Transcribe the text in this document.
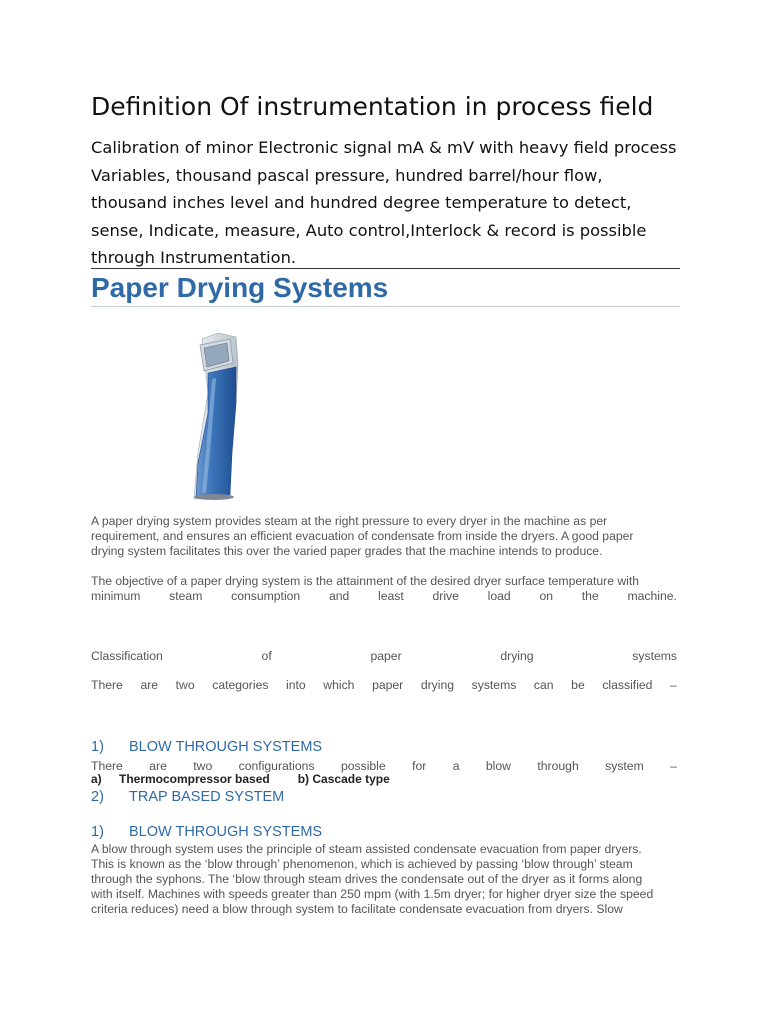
Definition Of instrumentation in process field
Calibration of minor Electronic signal mA & mV with heavy field process
Variables, thousand pascal pressure, hundred barrel/hour flow,
thousand inches level and hundred degree temperature to detect,
sense, Indicate, measure, Auto control,Interlock & record is possible
through Instrumentation.
Paper Drying Systems
A paper drying system provides steam at the right pressure to every dryer in the machine as per
requirement, and ensures an efficient evacuation of condensate from inside the dryers. A good paper
drying system facilitates this over the varied paper grades that the machine intends to produce.
The objective of a paper drying system is the attainment of the desired dryer surface temperature with
minimum steam consumption and least drive load on the machine.
Classification	of	paper	drying	systems
There are two categories into which paper drying systems can be classified –
1) BLOW THROUGH SYSTEMS
There are two configurations possible for a blow through system –
a) Thermocompressor based b) Cascade type
2) TRAP BASED SYSTEM
1) BLOW THROUGH SYSTEMS
A blow through system uses the principle of steam assisted condensate evacuation from paper dryers.
This is known as the ‘blow through’ phenomenon, which is achieved by passing ‘blow through’ steam
through the syphons. The ‘blow through steam drives the condensate out of the dryer as it forms along
with itself. Machines with speeds greater than 250 mpm (with 1.5m dryer; for higher dryer size the speed
criteria reduces) need a blow through system to facilitate condensate evacuation from dryers. Slow
